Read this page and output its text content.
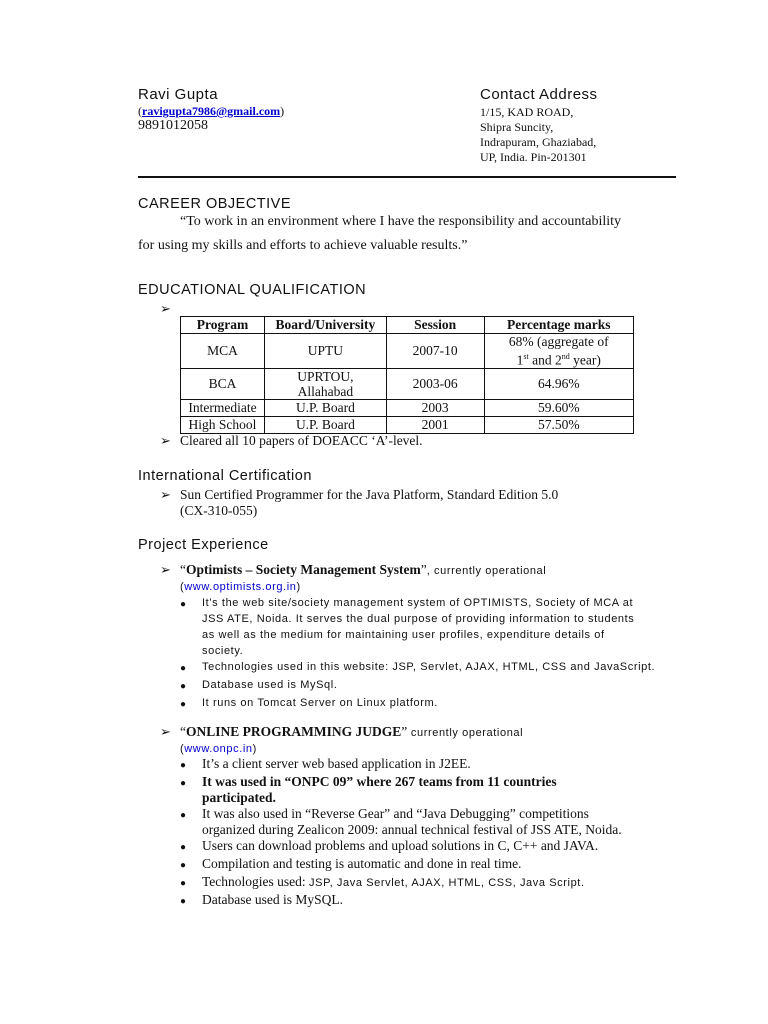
Ravi Gupta
(ravigupta7986@gmail.com)
9891012058
Contact Address
1/15, KAD ROAD,
Shipra Suncity,
Indrapuram, Ghaziabad,
UP, India. Pin-201301
CAREER OBJECTIVE
“To work in an environment where I have the responsibility and accountability
for using my skills and efforts to achieve valuable results.”
EDUCATIONAL QUALIFICATION
➢
Program	Board/University	Session	Percentage marks
MCA	UPTU	2007-10	68% (aggregate of
1st and 2nd year)

BCA	UPRTOU, Allahabad	2003-06	64.96%
Intermediate	U.P. Board	2003	59.60%
High School	U.P. Board	2001	57.50%
➢ Cleared all 10 papers of DOEACC ‘A’-level.
International Certification
➢ Sun Certified Programmer for the Java Platform, Standard Edition 5.0
(CX-310-055)
Project Experience
➢ “Optimists – Society Management System”, currently operational
(www.optimists.org.in)
●	It’s the web site/society management system of OPTIMISTS, Society of MCA at
JSS ATE, Noida. It serves the dual purpose of providing information to students
as well as the medium for maintaining user profiles, expenditure details of
society.
●	Technologies used in this website: JSP, Servlet, AJAX, HTML, CSS and JavaScript.
●	Database used is MySql.
●	It runs on Tomcat Server on Linux platform.
➢ “ONLINE PROGRAMMING JUDGE” currently operational
(www.onpc.in)
●	It’s a client server web based application in J2EE.
●	It was used in “ONPC 09” where 267 teams from 11 countries
participated.
●	It was also used in “Reverse Gear” and “Java Debugging” competitions
organized during Zealicon 2009: annual technical festival of JSS ATE, Noida.
●	Users can download problems and upload solutions in C, C++ and JAVA.
●	Compilation and testing is automatic and done in real time.
●	Technologies used: JSP, Java Servlet, AJAX, HTML, CSS, Java Script.
●	Database used is MySQL.
